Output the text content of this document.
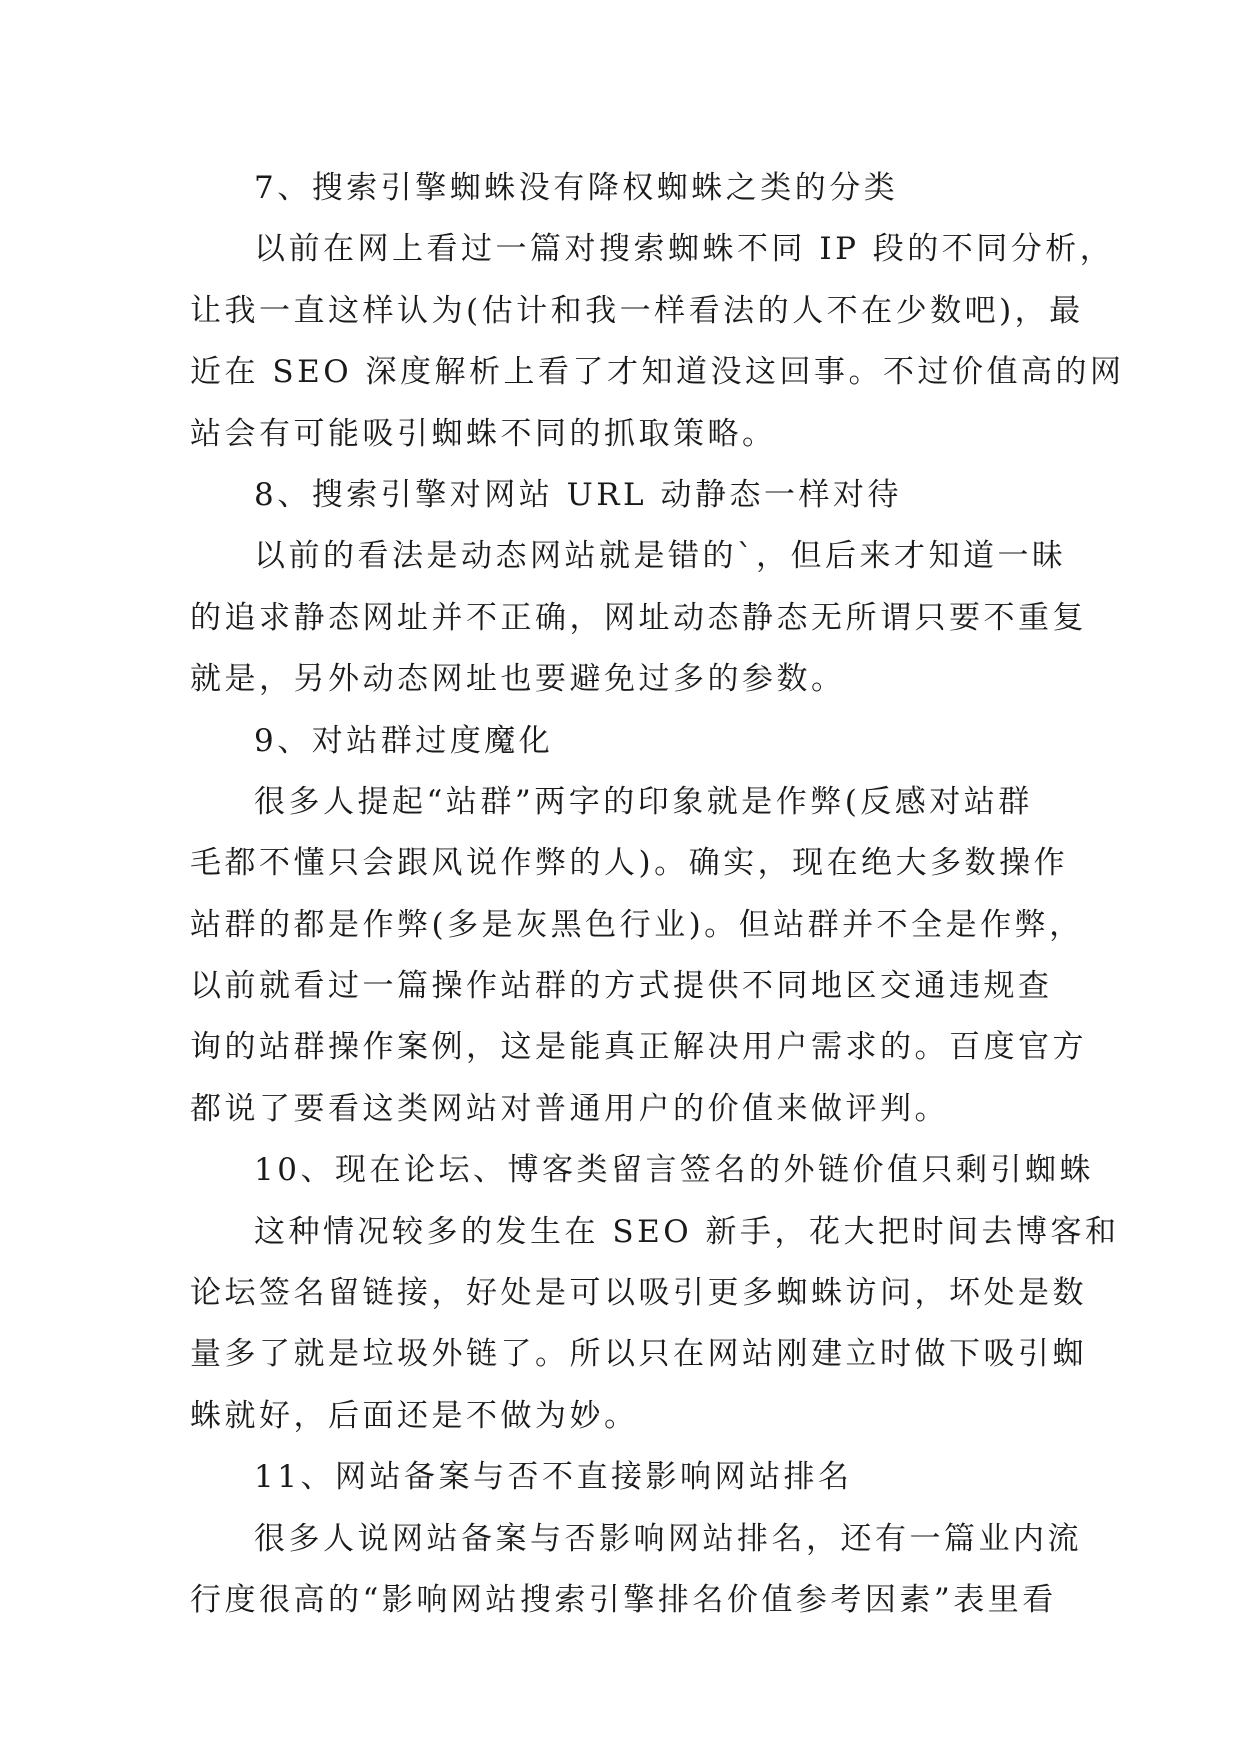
7、搜索引擎蜘蛛没有降权蜘蛛之类的分类
以前在网上看过一篇对搜索蜘蛛不同 IP 段的不同分析，
让我一直这样认为(估计和我一样看法的人不在少数吧)，最
近在 SEO 深度解析上看了才知道没这回事。不过价值高的网
站会有可能吸引蜘蛛不同的抓取策略。
8、搜索引擎对网站 URL 动静态一样对待
以前的看法是动态网站就是错的`，但后来才知道一昧
的追求静态网址并不正确，网址动态静态无所谓只要不重复
就是，另外动态网址也要避免过多的参数。
9、对站群过度魔化
很多人提起“站群”两字的印象就是作弊(反感对站群
毛都不懂只会跟风说作弊的人)。确实，现在绝大多数操作
站群的都是作弊(多是灰黑色行业)。但站群并不全是作弊，
以前就看过一篇操作站群的方式提供不同地区交通违规查
询的站群操作案例，这是能真正解决用户需求的。百度官方
都说了要看这类网站对普通用户的价值来做评判。
10、现在论坛、博客类留言签名的外链价值只剩引蜘蛛
这种情况较多的发生在 SEO 新手，花大把时间去博客和
论坛签名留链接，好处是可以吸引更多蜘蛛访问，坏处是数
量多了就是垃圾外链了。所以只在网站刚建立时做下吸引蜘
蛛就好，后面还是不做为妙。
11、网站备案与否不直接影响网站排名
很多人说网站备案与否影响网站排名，还有一篇业内流
行度很高的“影响网站搜索引擎排名价值参考因素”表里看
